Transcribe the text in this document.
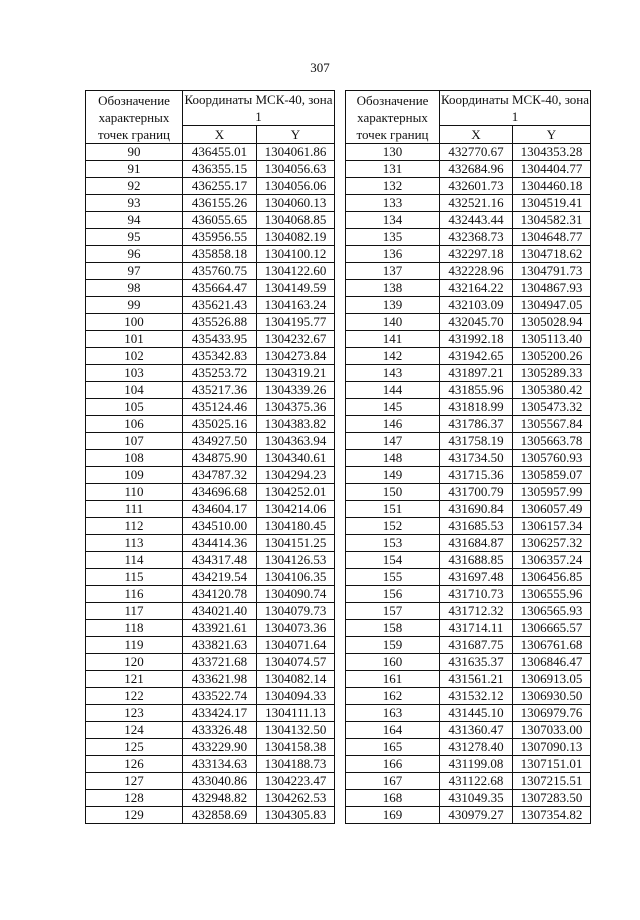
307
Обозначение характерных точек границ	Координаты МСК-40, зона 1	
	X	Y
90	436455.01	1304061.86
91	436355.15	1304056.63
92	436255.17	1304056.06
93	436155.26	1304060.13
94	436055.65	1304068.85
95	435956.55	1304082.19
96	435858.18	1304100.12
97	435760.75	1304122.60
98	435664.47	1304149.59
99	435621.43	1304163.24
100	435526.88	1304195.77
101	435433.95	1304232.67
102	435342.83	1304273.84
103	435253.72	1304319.21
104	435217.36	1304339.26
105	435124.46	1304375.36
106	435025.16	1304383.82
107	434927.50	1304363.94
108	434875.90	1304340.61
109	434787.32	1304294.23
110	434696.68	1304252.01
111	434604.17	1304214.06
112	434510.00	1304180.45
113	434414.36	1304151.25
114	434317.48	1304126.53
115	434219.54	1304106.35
116	434120.78	1304090.74
117	434021.40	1304079.73
118	433921.61	1304073.36
119	433821.63	1304071.64
120	433721.68	1304074.57
121	433621.98	1304082.14
122	433522.74	1304094.33
123	433424.17	1304111.13
124	433326.48	1304132.50
125	433229.90	1304158.38
126	433134.63	1304188.73
127	433040.86	1304223.47
128	432948.82	1304262.53
129	432858.69	1304305.83
Обозначение характерных точек границ	Координаты МСК-40, зона 1	
	X	Y
130	432770.67	1304353.28
131	432684.96	1304404.77
132	432601.73	1304460.18
133	432521.16	1304519.41
134	432443.44	1304582.31
135	432368.73	1304648.77
136	432297.18	1304718.62
137	432228.96	1304791.73
138	432164.22	1304867.93
139	432103.09	1304947.05
140	432045.70	1305028.94
141	431992.18	1305113.40
142	431942.65	1305200.26
143	431897.21	1305289.33
144	431855.96	1305380.42
145	431818.99	1305473.32
146	431786.37	1305567.84
147	431758.19	1305663.78
148	431734.50	1305760.93
149	431715.36	1305859.07
150	431700.79	1305957.99
151	431690.84	1306057.49
152	431685.53	1306157.34
153	431684.87	1306257.32
154	431688.85	1306357.24
155	431697.48	1306456.85
156	431710.73	1306555.96
157	431712.32	1306565.93
158	431714.11	1306665.57
159	431687.75	1306761.68
160	431635.37	1306846.47
161	431561.21	1306913.05
162	431532.12	1306930.50
163	431445.10	1306979.76
164	431360.47	1307033.00
165	431278.40	1307090.13
166	431199.08	1307151.01
167	431122.68	1307215.51
168	431049.35	1307283.50
169	430979.27	1307354.82
